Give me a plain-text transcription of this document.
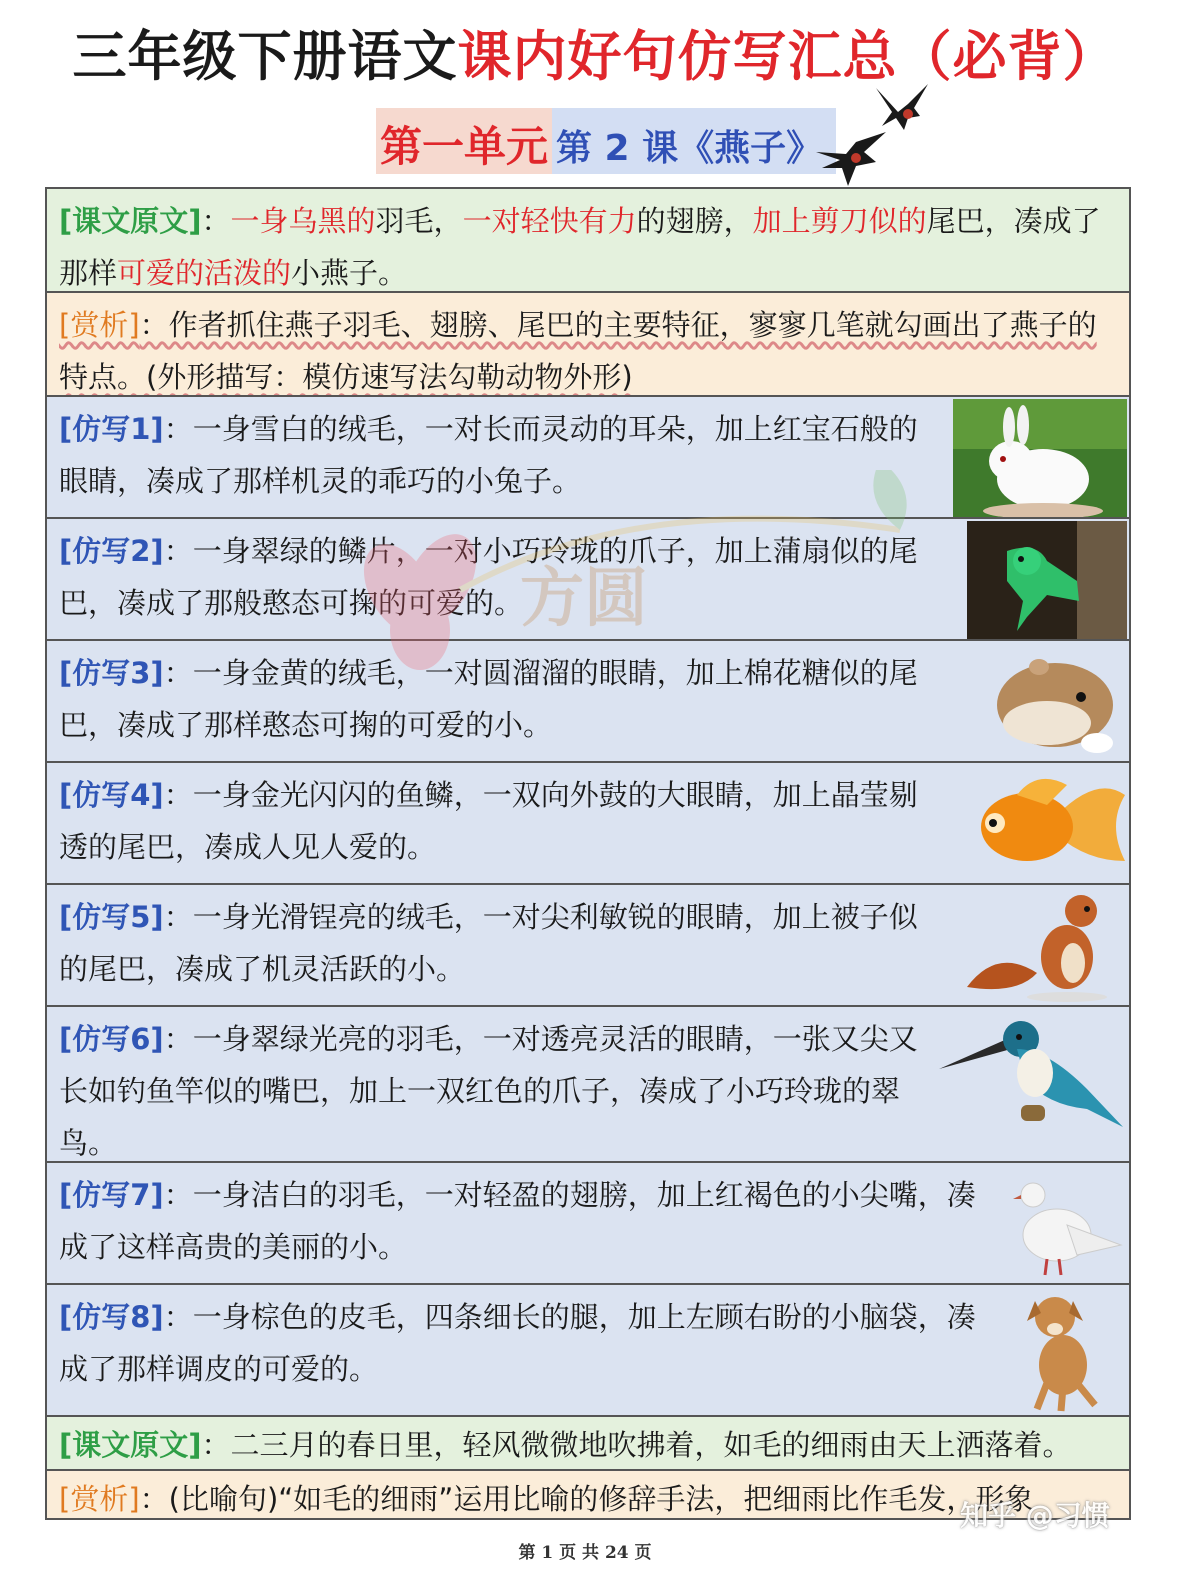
三年级下册语文课内好句仿写汇总（必背）
第一单元 第 2 课《燕子》
[课文原文]：一身乌黑的羽毛，一对轻快有力的翅膀，加上剪刀似的尾巴，凑成了那样可爱的活泼的小燕子。
[赏析]：作者抓住燕子羽毛、翅膀、尾巴的主要特征，寥寥几笔就勾画出了燕子的特点。(外形描写：模仿速写法勾勒动物外形)
[仿写1]：一身雪白的绒毛，一对长而灵动的耳朵，加上红宝石般的眼睛，凑成了那样机灵的乖巧的小兔子。
[仿写2]：一身翠绿的鳞片，一对小巧玲珑的爪子，加上蒲扇似的尾巴，凑成了那般憨态可掬的可爱的。
[仿写3]：一身金黄的绒毛，一对圆溜溜的眼睛，加上棉花糖似的尾巴，凑成了那样憨态可掬的可爱的小。
[仿写4]：一身金光闪闪的鱼鳞，一双向外鼓的大眼睛，加上晶莹剔透的尾巴，凑成人见人爱的。
[仿写5]：一身光滑锃亮的绒毛，一对尖利敏锐的眼睛，加上被子似的尾巴，凑成了机灵活跃的小。
[仿写6]：一身翠绿光亮的羽毛，一对透亮灵活的眼睛，一张又尖又长如钓鱼竿似的嘴巴，加上一双红色的爪子，凑成了小巧玲珑的翠鸟。
[仿写7]：一身洁白的羽毛，一对轻盈的翅膀，加上红褐色的小尖嘴，凑成了这样高贵的美丽的小。
[仿写8]：一身棕色的皮毛，四条细长的腿，加上左顾右盼的小脑袋，凑成了那样调皮的可爱的。
[课文原文]：二三月的春日里，轻风微微地吹拂着，如毛的细雨由天上洒落着。
[赏析]：(比喻句)“如毛的细雨”运用比喻的修辞手法，把细雨比作毛发，形象
方圆
知乎 @习惯
第 1 页 共 24 页
